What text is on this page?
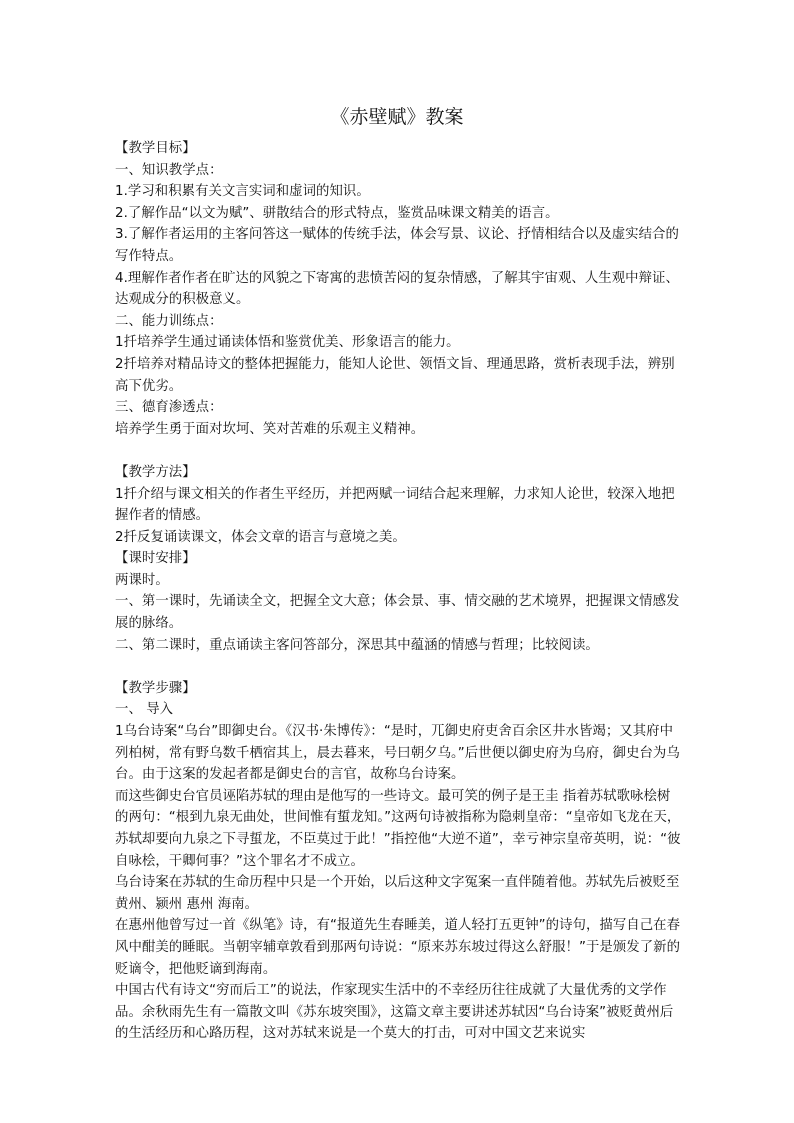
《赤壁赋》教案

【教学目标】

一、知识教学点：

1.学习和积累有关文言实词和虚词的知识。

2.了解作品“以文为赋”、骈散结合的形式特点，鉴赏品味课文精美的语言。

3.了解作者运用的主客问答这一赋体的传统手法，体会写景、议论、抒情相结合以及虚实结合的写作特点。

4.理解作者作者在旷达的风貌之下寄寓的悲愤苦闷的复杂情感，了解其宇宙观、人生观中辩证、达观成分的积极意义。

二、能力训练点：

1扦培养学生通过诵读体悟和鉴赏优美、形象语言的能力。

2扦培养对精品诗文的整体把握能力，能知人论世、领悟文旨、理通思路，赏析表现手法，辨别高下优劣。

三、德育渗透点：

培养学生勇于面对坎坷、笑对苦难的乐观主义精神。

【教学方法】

1扦介绍与课文相关的作者生平经历，并把两赋一词结合起来理解，力求知人论世，较深入地把握作者的情感。

2扦反复诵读课文，体会文章的语言与意境之美。

【课时安排】

两课时。

一、第一课时，先诵读全文，把握全文大意；体会景、事、情交融的艺术境界，把握课文情感发展的脉络。

二、第二课时，重点诵读主客问答部分，深思其中蕴涵的情感与哲理；比较阅读。

【教学步骤】

一、 导入

1乌台诗案“乌台”即御史台。《汉书·朱博传》：“是时，兀御史府吏舍百余区井水皆竭；又其府中列柏树，常有野乌数千栖宿其上，晨去暮来，号曰朝夕乌。”后世便以御史府为乌府，御史台为乌台。由于这案的发起者都是御史台的言官，故称乌台诗案。

而这些御史台官员诬陷苏轼的理由是他写的一些诗文。最可笑的例子是王圭 指着苏轼歌咏桧树的两句：“根到九泉无曲处，世间惟有蜇龙知。”这两句诗被指称为隐刺皇帝：“皇帝如飞龙在天，苏轼却要向九泉之下寻蜇龙，不臣莫过于此！”指控他“大逆不道”，幸亏神宗皇帝英明，说：“彼自咏桧，干卿何事？”这个罪名才不成立。

乌台诗案在苏轼的生命历程中只是一个开始，以后这种文字冤案一直伴随着他。苏轼先后被贬至黄州、颍州 惠州 海南。

在惠州他曾写过一首《纵笔》诗，有“报道先生春睡美，道人轻打五更钟”的诗句，描写自己在春风中酣美的睡眠。当朝宰辅章敦看到那两句诗说：“原来苏东坡过得这么舒服！”于是颁发了新的贬谪令，把他贬谪到海南。

中国古代有诗文“穷而后工”的说法，作家现实生活中的不幸经历往往成就了大量优秀的文学作品。余秋雨先生有一篇散文叫《苏东坡突围》，这篇文章主要讲述苏轼因“乌台诗案”被贬黄州后的生活经历和心路历程，这对苏轼来说是一个莫大的打击，可对中国文艺来说实
